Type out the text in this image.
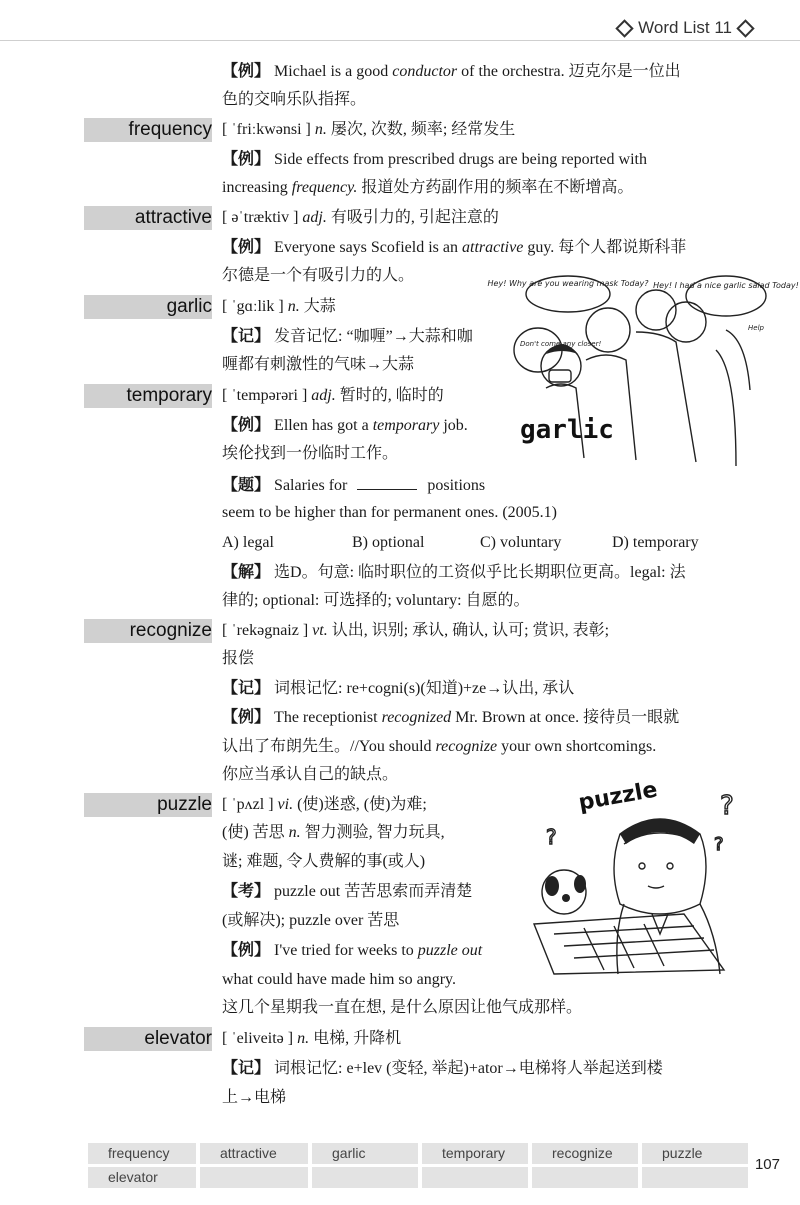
Word List 11
【 例 】 Michael is a good conductor of the orchestra. 迈克尔是一位出
色的交响乐队指挥。
frequency	[ ˈfriːkwənsi ] n. 屡次, 次数, 频率; 经常发生
【 例 】 Side effects from prescribed drugs are being reported with
increasing frequency. 报道处方药副作用的频率在不断增高。
attractive	[ əˈtræktiv ] adj. 有吸引力的, 引起注意的
【 例 】 Everyone says Scofield is an attractive guy. 每个人都说斯科菲
尔德是一个有吸引力的人。
garlic	[ ˈgɑːlik ] n. 大蒜
【 记 】 发音记忆: “咖喱”→大蒜和咖
喱都有刺激性的气味→大蒜
Hey! Why are you wearing mask Today? Hey! I had a nice garlic salad Today!
Don't come any closer!
Help
garlic
temporary	[ ˈtempərəri ] adj. 暂时的, 临时的
【 例 】 Ellen has got a temporary job.
埃伦找到一份临时工作。
【 题 】 Salaries for	positions
seem to be higher than for permanent ones. (2005.1)
A) legal	B) optional	C) voluntary	D) temporary
【 解 】 选D。句意: 临时职位的工资似乎比长期职位更高。legal: 法
律的; optional: 可选择的; voluntary: 自愿的。
recognize	[ ˈrekəgnaiz ] vt. 认出, 识别; 承认, 确认, 认可; 赏识, 表彰;
报偿
【 记 】 词根记忆: re+cogni(s)(知道)+ze→认出, 承认
【 例 】 The receptionist recognized Mr. Brown at once. 接待员一眼就
认出了布朗先生。//You should recognize your own shortcomings.
你应当承认自己的缺点。
puzzle	[ ˈpʌzl ] vi. (使)迷惑, (使)为难;
(使) 苦思 n. 智力测验, 智力玩具,
谜; 难题, 令人费解的事(或人)
【 考 】 puzzle out 苦苦思索而弄清楚
(或解决); puzzle over 苦思
【 例 】 I've tried for weeks to puzzle out
what could have made him so angry.
这几个星期我一直在想, 是什么原因让他气成那样。
puzzle ?
?	?
elevator	[ ˈeliveitə ] n. 电梯, 升降机
【 记 】 词根记忆: e+lev (变轻, 举起)+ator→电梯将人举起送到楼
上→电梯
frequency	attractive	garlic	temporary	recognize	puzzle
elevator
107
